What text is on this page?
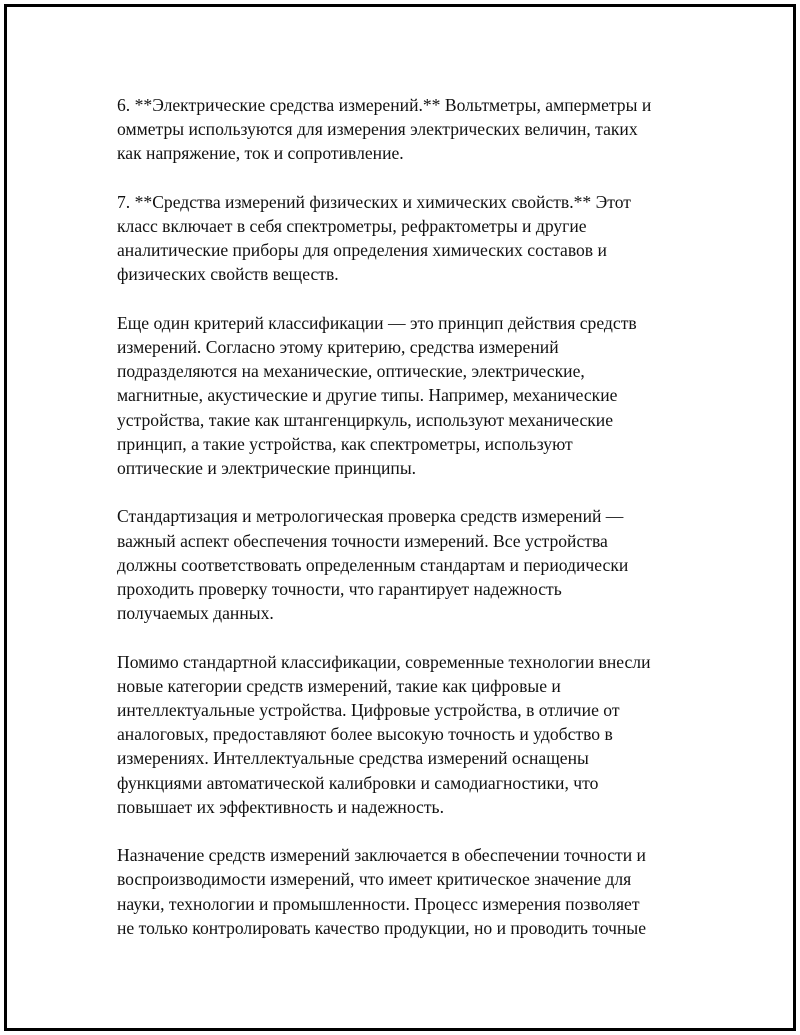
6. **Электрические средства измерений.** Вольтметры, амперметры и
омметры используются для измерения электрических величин, таких
как напряжение, ток и сопротивление.

7. **Средства измерений физических и химических свойств.** Этот
класс включает в себя спектрометры, рефрактометры и другие
аналитические приборы для определения химических составов и
физических свойств веществ.

Еще один критерий классификации — это принцип действия средств
измерений. Согласно этому критерию, средства измерений
подразделяются на механические, оптические, электрические,
магнитные, акустические и другие типы. Например, механические
устройства, такие как штангенциркуль, используют механические
принцип, а такие устройства, как спектрометры, используют
оптические и электрические принципы.

Стандартизация и метрологическая проверка средств измерений —
важный аспект обеспечения точности измерений. Все устройства
должны соответствовать определенным стандартам и периодически
проходить проверку точности, что гарантирует надежность
получаемых данных.

Помимо стандартной классификации, современные технологии внесли
новые категории средств измерений, такие как цифровые и
интеллектуальные устройства. Цифровые устройства, в отличие от
аналоговых, предоставляют более высокую точность и удобство в
измерениях. Интеллектуальные средства измерений оснащены
функциями автоматической калибровки и самодиагностики, что
повышает их эффективность и надежность.

Назначение средств измерений заключается в обеспечении точности и
воспроизводимости измерений, что имеет критическое значение для
науки, технологии и промышленности. Процесс измерения позволяет
не только контролировать качество продукции, но и проводить точные
